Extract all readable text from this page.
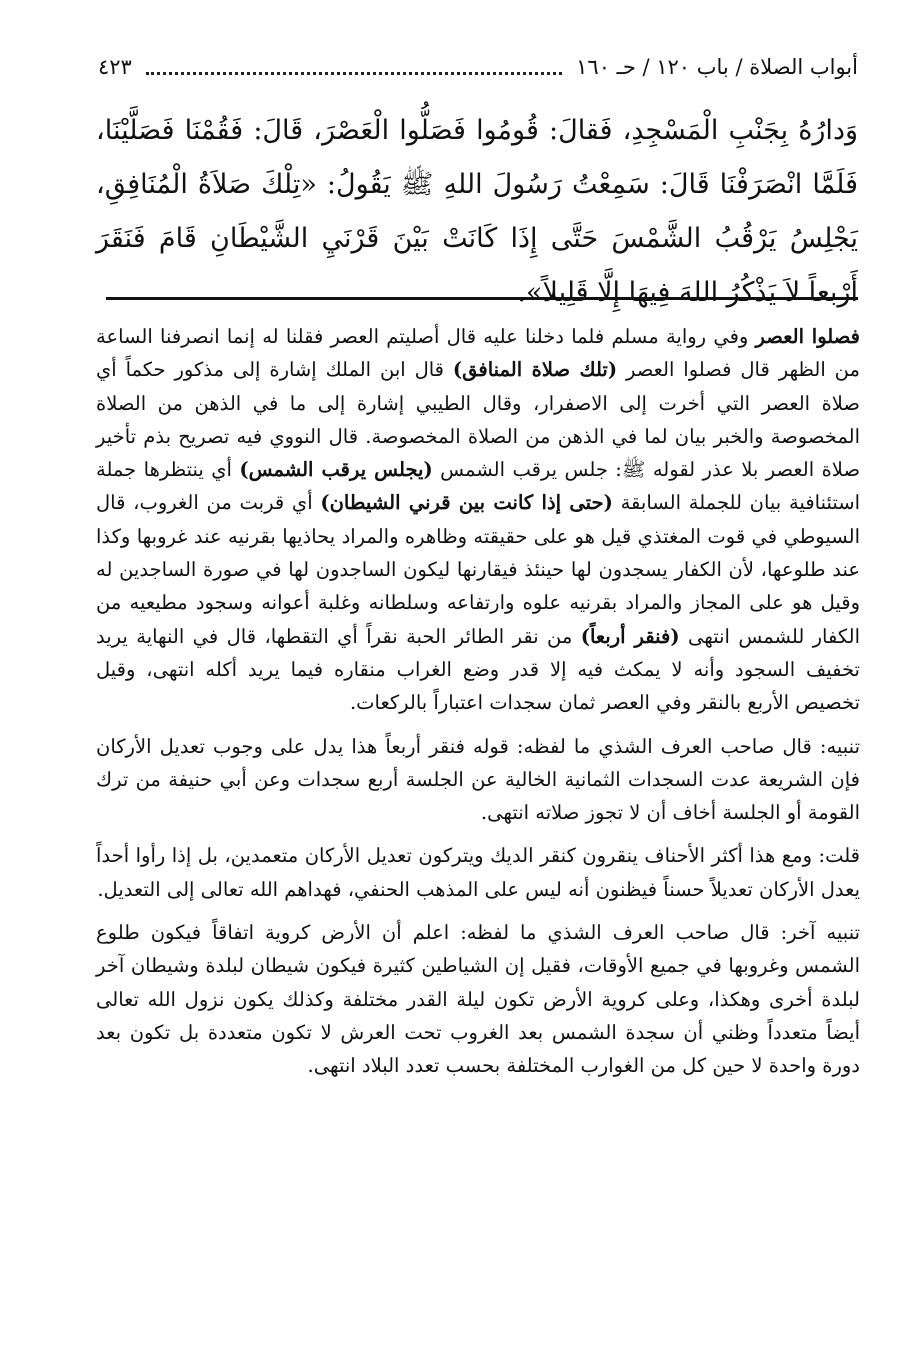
أبواب الصلاة / باب ١٢٠ / حـ ١٦٠
٤٢٣

وَدارُهُ بِجَنْبِ الْمَسْجِدِ، فَقالَ: قُومُوا فَصَلُّوا الْعَصْرَ، قَالَ: فَقُمْنَا فَصَلَّيْنَا، فَلَمَّا انْصَرَفْنَا قَالَ: سَمِعْتُ رَسُولَ اللهِ ﷺ يَقُولُ: «تِلْكَ صَلاَةُ الْمُنَافِقِ، يَجْلِسُ يَرْقُبُ الشَّمْسَ حَتَّى إِذَا كَانَتْ بَيْنَ قَرْنَيِ الشَّيْطَانِ قَامَ فَنَقَرَ أَرْبعاً لاَ يَذْكُرُ اللهَ فِيهَا إِلَّا قَلِيلاً».

فصلوا العصر وفي رواية مسلم فلما دخلنا عليه قال أصليتم العصر فقلنا له إنما انصرفنا الساعة من الظهر قال فصلوا العصر (تلك صلاة المنافق) قال ابن الملك إشارة إلى مذكور حكماً أي صلاة العصر التي أخرت إلى الاصفرار، وقال الطيبي إشارة إلى ما في الذهن من الصلاة المخصوصة والخبر بيان لما في الذهن من الصلاة المخصوصة. قال النووي فيه تصريح بذم تأخير صلاة العصر بلا عذر لقوله ﷺ: جلس يرقب الشمس (يجلس يرقب الشمس) أي ينتظرها جملة استئنافية بيان للجملة السابقة (حتى إذا كانت بين قرني الشيطان) أي قربت من الغروب، قال السيوطي في قوت المغتذي قيل هو على حقيقته وظاهره والمراد يحاذيها بقرنيه عند غروبها وكذا عند طلوعها، لأن الكفار يسجدون لها حينئذ فيقارنها ليكون الساجدون لها في صورة الساجدين له وقيل هو على المجاز والمراد بقرنيه علوه وارتفاعه وسلطانه وغلبة أعوانه وسجود مطيعيه من الكفار للشمس انتهى (فنقر أربعاً) من نقر الطائر الحبة نقراً أي التقطها، قال في النهاية يريد تخفيف السجود وأنه لا يمكث فيه إلا قدر وضع الغراب منقاره فيما يريد أكله انتهى، وقيل تخصيص الأربع بالنقر وفي العصر ثمان سجدات اعتباراً بالركعات.

تنبيه: قال صاحب العرف الشذي ما لفظه: قوله فنقر أربعاً هذا يدل على وجوب تعديل الأركان فإن الشريعة عدت السجدات الثمانية الخالية عن الجلسة أربع سجدات وعن أبي حنيفة من ترك القومة أو الجلسة أخاف أن لا تجوز صلاته انتهى.

قلت: ومع هذا أكثر الأحناف ينقرون كنقر الديك ويتركون تعديل الأركان متعمدين، بل إذا رأوا أحداً يعدل الأركان تعديلاً حسناً فيظنون أنه ليس على المذهب الحنفي، فهداهم الله تعالى إلى التعديل.

تنبيه آخر: قال صاحب العرف الشذي ما لفظه: اعلم أن الأرض كروية اتفاقاً فيكون طلوع الشمس وغروبها في جميع الأوقات، فقيل إن الشياطين كثيرة فيكون شيطان لبلدة وشيطان آخر لبلدة أخرى وهكذا، وعلى كروية الأرض تكون ليلة القدر مختلفة وكذلك يكون نزول الله تعالى أيضاً متعدداً وظني أن سجدة الشمس بعد الغروب تحت العرش لا تكون متعددة بل تكون بعد دورة واحدة لا حين كل من الغوارب المختلفة بحسب تعدد البلاد انتهى.
